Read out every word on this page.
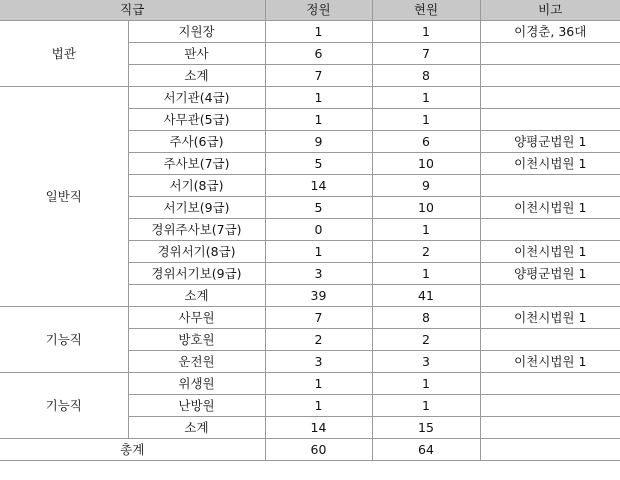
직급		정원	현원	비고
법관	지원장	1	1	이경춘, 36대
	판사	6	7	
	소계	7	8	
일반직	서기관(4급)	1	1	
	사무관(5급)	1	1	
	주사(6급)	9	6	양평군법원 1
	주사보(7급)	5	10	이천시법원 1
	서기(8급)	14	9	
	서기보(9급)	5	10	이천시법원 1
	경위주사보(7급)	0	1	
	경위서기(8급)	1	2	이천시법원 1
	경위서기보(9급)	3	1	양평군법원 1
	소계	39	41	
기능직	사무원	7	8	이천시법원 1
	방호원	2	2	
	운전원	3	3	이천시법원 1
기능직	위생원	1	1	
	난방원	1	1	
	소계	14	15	
총계		60	64	
